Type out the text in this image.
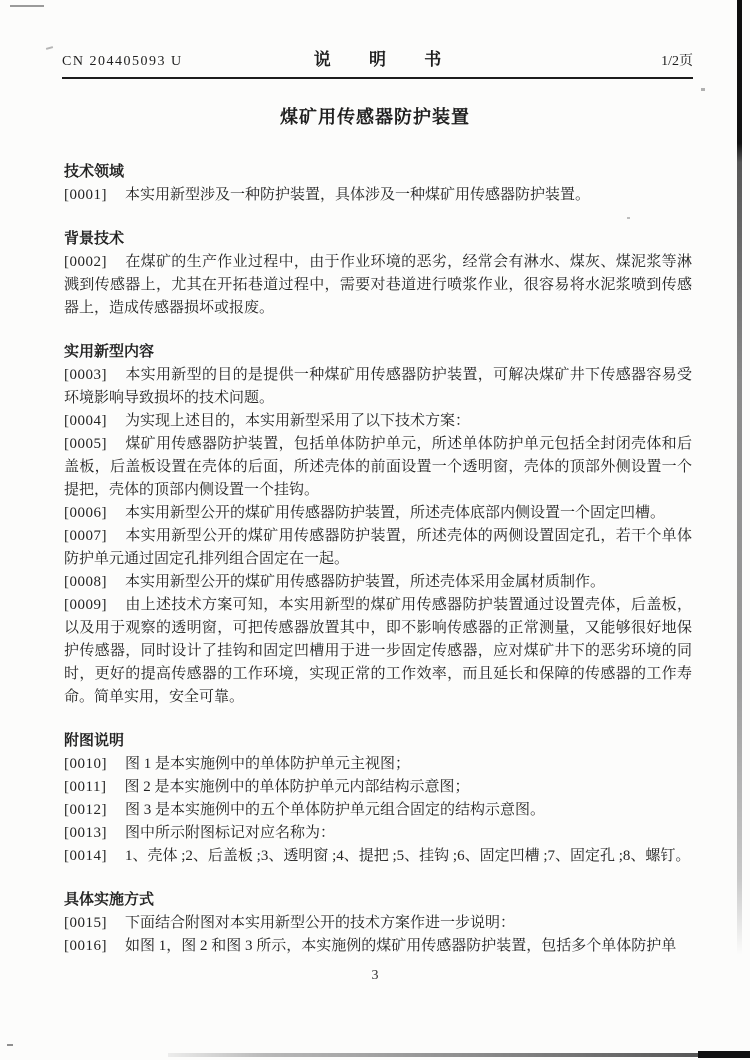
CN 204405093 U	说 明 书	1/2页
煤矿用传感器防护装置
技术领域

[0001] 本实用新型涉及一种防护装置，具体涉及一种煤矿用传感器防护装置。

背景技术

[0002] 在煤矿的生产作业过程中，由于作业环境的恶劣，经常会有淋水、煤灰、煤泥浆等淋溅到传感器上，尤其在开拓巷道过程中，需要对巷道进行喷浆作业，很容易将水泥浆喷到传感器上，造成传感器损坏或报废。

实用新型内容

[0003] 本实用新型的目的是提供一种煤矿用传感器防护装置，可解决煤矿井下传感器容易受环境影响导致损坏的技术问题。

[0004] 为实现上述目的，本实用新型采用了以下技术方案：

[0005] 煤矿用传感器防护装置，包括单体防护单元，所述单体防护单元包括全封闭壳体和后盖板，后盖板设置在壳体的后面，所述壳体的前面设置一个透明窗，壳体的顶部外侧设置一个提把，壳体的顶部内侧设置一个挂钩。

[0006] 本实用新型公开的煤矿用传感器防护装置，所述壳体底部内侧设置一个固定凹槽。

[0007] 本实用新型公开的煤矿用传感器防护装置，所述壳体的两侧设置固定孔，若干个单体防护单元通过固定孔排列组合固定在一起。

[0008] 本实用新型公开的煤矿用传感器防护装置，所述壳体采用金属材质制作。

[0009] 由上述技术方案可知，本实用新型的煤矿用传感器防护装置通过设置壳体，后盖板，以及用于观察的透明窗，可把传感器放置其中，即不影响传感器的正常测量，又能够很好地保护传感器，同时设计了挂钩和固定凹槽用于进一步固定传感器，应对煤矿井下的恶劣环境的同时，更好的提高传感器的工作环境，实现正常的工作效率，而且延长和保障的传感器的工作寿命。简单实用，安全可靠。

附图说明

[0010] 图 1 是本实施例中的单体防护单元主视图；

[0011] 图 2 是本实施例中的单体防护单元内部结构示意图；

[0012] 图 3 是本实施例中的五个单体防护单元组合固定的结构示意图。

[0013] 图中所示附图标记对应名称为：

[0014] 1、壳体 ;2、后盖板 ;3、透明窗 ;4、提把 ;5、挂钩 ;6、固定凹槽 ;7、固定孔 ;8、螺钉。

具体实施方式

[0015] 下面结合附图对本实用新型公开的技术方案作进一步说明：

[0016] 如图 1，图 2 和图 3 所示，本实施例的煤矿用传感器防护装置，包括多个单体防护单

3
